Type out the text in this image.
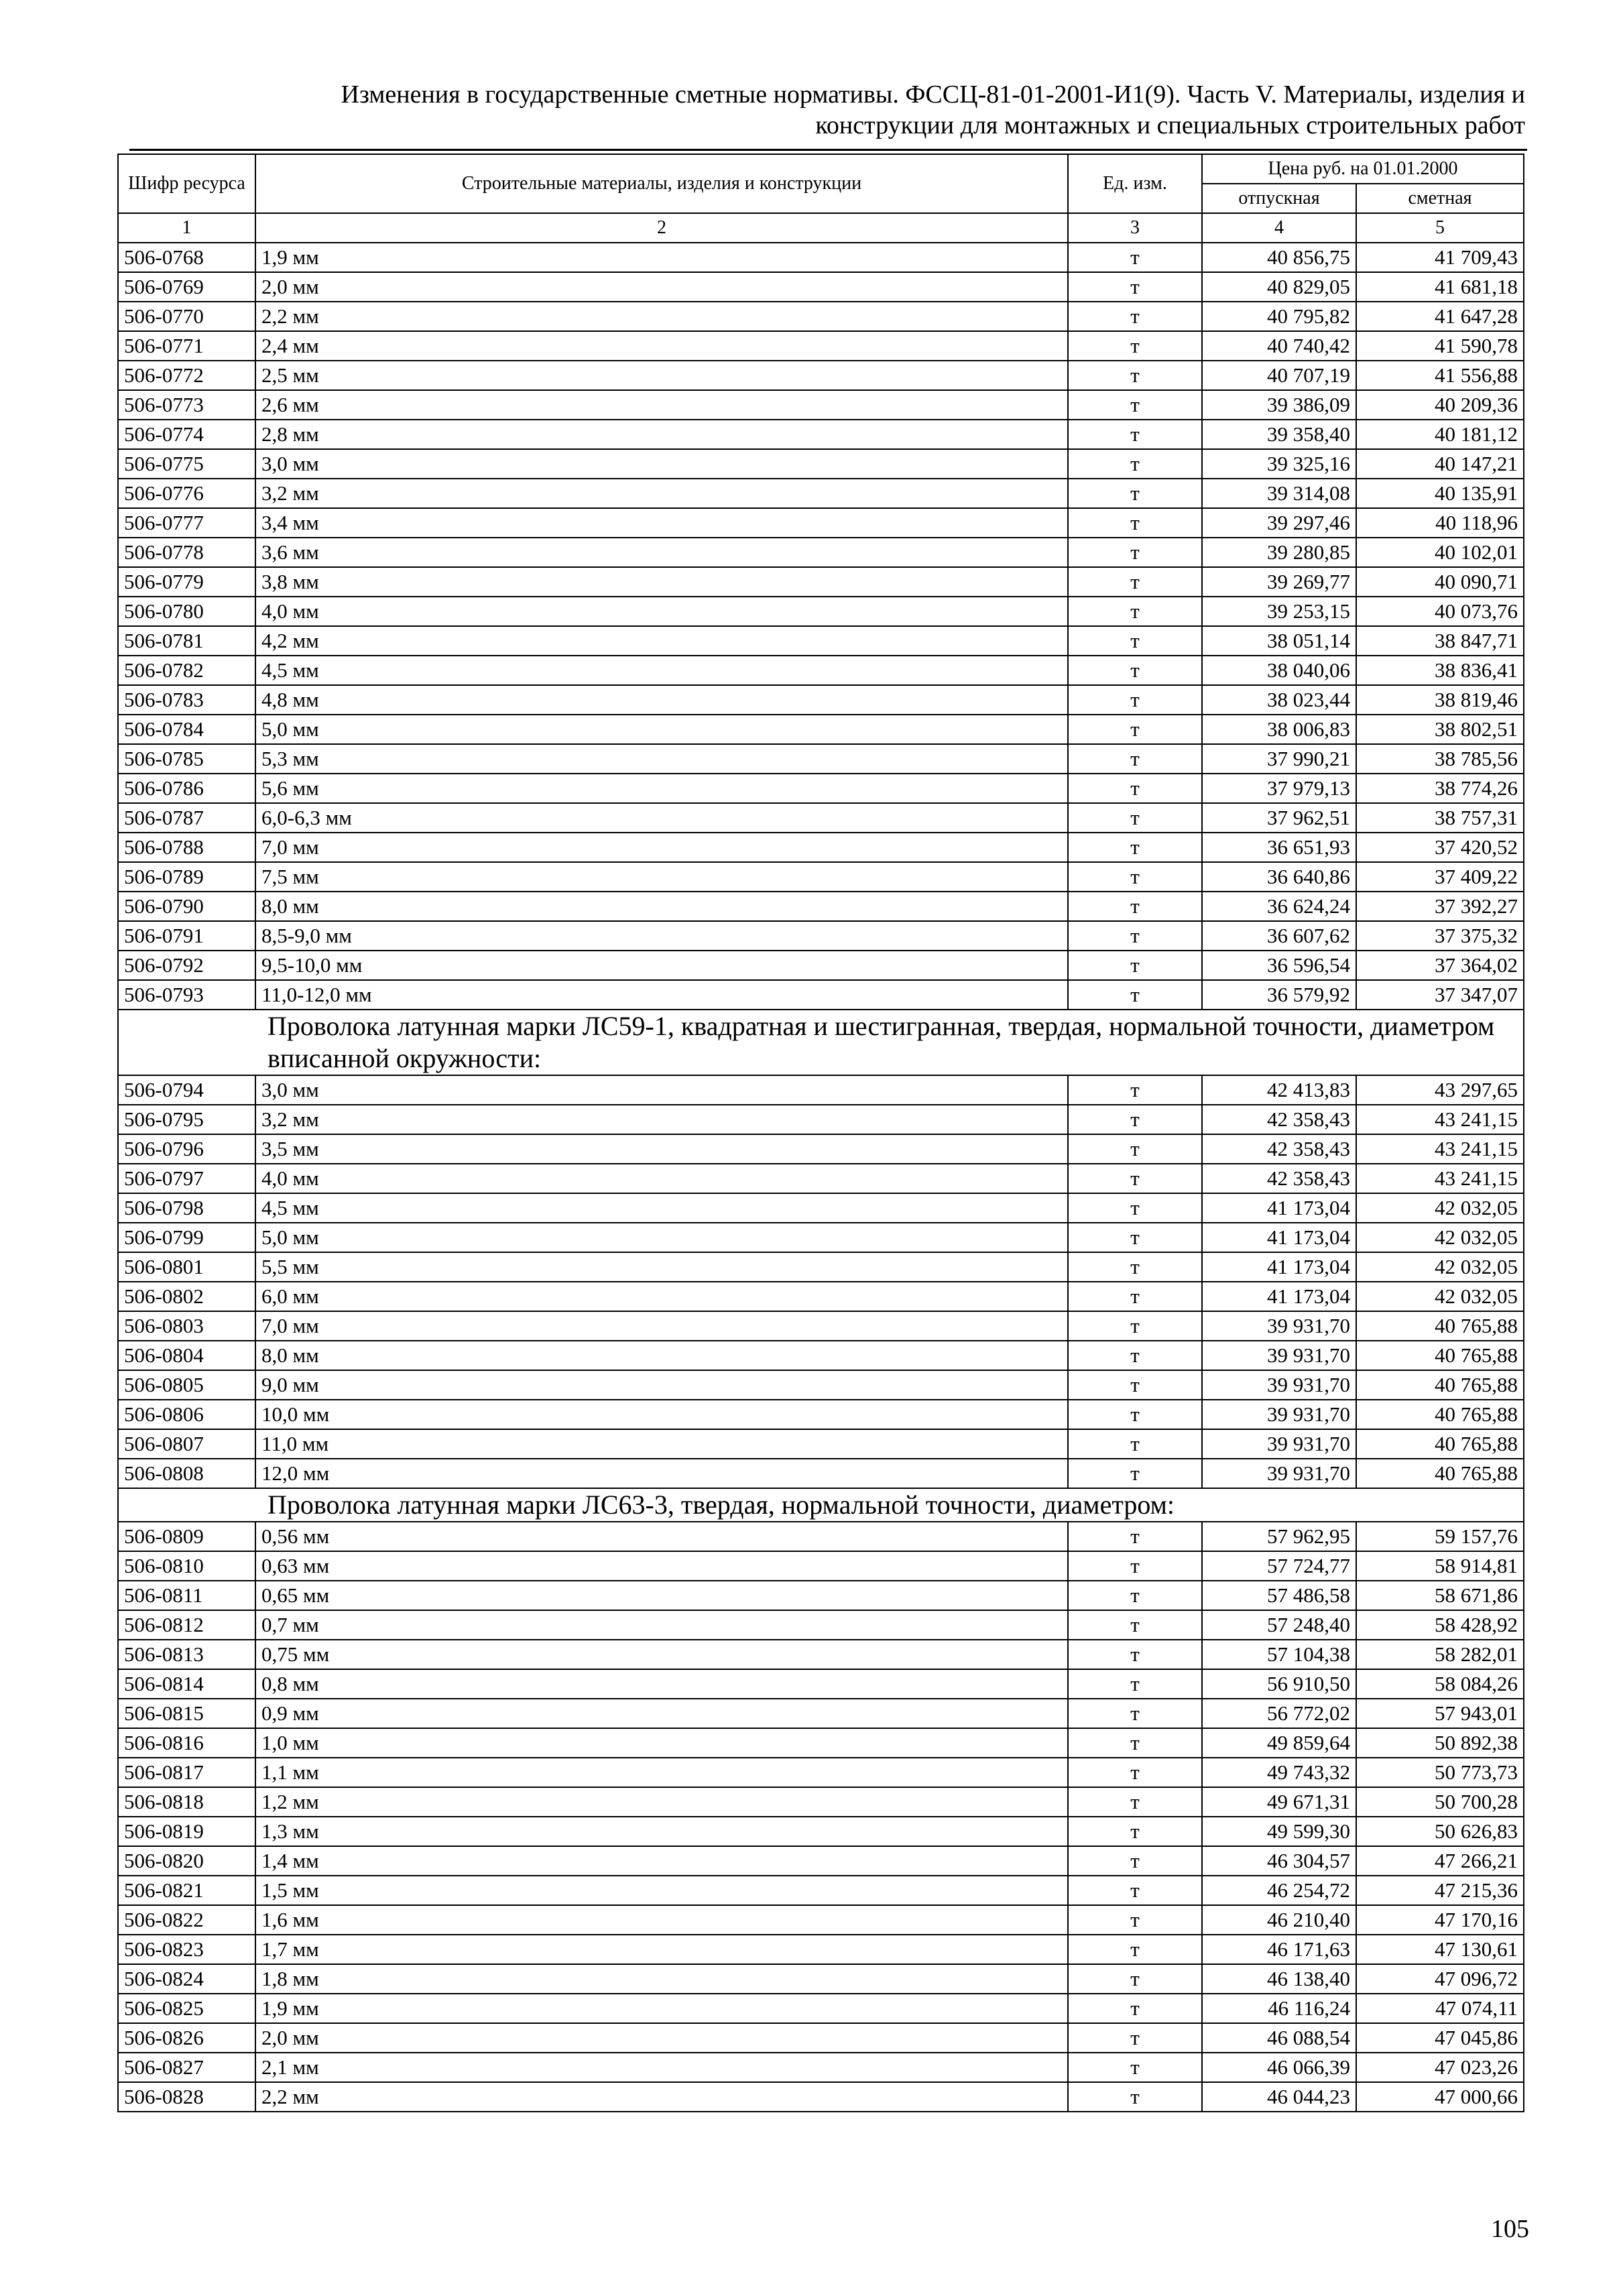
Изменения в государственные сметные нормативы. ФССЦ-81-01-2001-И1(9). Часть V. Материалы, изделия и
конструкции для монтажных и специальных строительных работ
Шифр ресурса	Строительные материалы, изделия и конструкции	Ед. изм.	Цена руб. на 01.01.2000	
			отпускная	сметная
1	2	3	4	5
506-0768	1,9 мм	т	40 856,75	41 709,43
506-0769	2,0 мм	т	40 829,05	41 681,18
506-0770	2,2 мм	т	40 795,82	41 647,28
506-0771	2,4 мм	т	40 740,42	41 590,78
506-0772	2,5 мм	т	40 707,19	41 556,88
506-0773	2,6 мм	т	39 386,09	40 209,36
506-0774	2,8 мм	т	39 358,40	40 181,12
506-0775	3,0 мм	т	39 325,16	40 147,21
506-0776	3,2 мм	т	39 314,08	40 135,91
506-0777	3,4 мм	т	39 297,46	40 118,96
506-0778	3,6 мм	т	39 280,85	40 102,01
506-0779	3,8 мм	т	39 269,77	40 090,71
506-0780	4,0 мм	т	39 253,15	40 073,76
506-0781	4,2 мм	т	38 051,14	38 847,71
506-0782	4,5 мм	т	38 040,06	38 836,41
506-0783	4,8 мм	т	38 023,44	38 819,46
506-0784	5,0 мм	т	38 006,83	38 802,51
506-0785	5,3 мм	т	37 990,21	38 785,56
506-0786	5,6 мм	т	37 979,13	38 774,26
506-0787	6,0-6,3 мм	т	37 962,51	38 757,31
506-0788	7,0 мм	т	36 651,93	37 420,52
506-0789	7,5 мм	т	36 640,86	37 409,22
506-0790	8,0 мм	т	36 624,24	37 392,27
506-0791	8,5-9,0 мм	т	36 607,62	37 375,32
506-0792	9,5-10,0 мм	т	36 596,54	37 364,02
506-0793	11,0-12,0 мм	т	36 579,92	37 347,07
Проволока латунная марки ЛС59-1, квадратная и шестигранная, твердая, нормальной точности, диаметром вписанной окружности:				
506-0794	3,0 мм	т	42 413,83	43 297,65
506-0795	3,2 мм	т	42 358,43	43 241,15
506-0796	3,5 мм	т	42 358,43	43 241,15
506-0797	4,0 мм	т	42 358,43	43 241,15
506-0798	4,5 мм	т	41 173,04	42 032,05
506-0799	5,0 мм	т	41 173,04	42 032,05
506-0801	5,5 мм	т	41 173,04	42 032,05
506-0802	6,0 мм	т	41 173,04	42 032,05
506-0803	7,0 мм	т	39 931,70	40 765,88
506-0804	8,0 мм	т	39 931,70	40 765,88
506-0805	9,0 мм	т	39 931,70	40 765,88
506-0806	10,0 мм	т	39 931,70	40 765,88
506-0807	11,0 мм	т	39 931,70	40 765,88
506-0808	12,0 мм	т	39 931,70	40 765,88
Проволока латунная марки ЛС63-3, твердая, нормальной точности, диаметром:				
506-0809	0,56 мм	т	57 962,95	59 157,76
506-0810	0,63 мм	т	57 724,77	58 914,81
506-0811	0,65 мм	т	57 486,58	58 671,86
506-0812	0,7 мм	т	57 248,40	58 428,92
506-0813	0,75 мм	т	57 104,38	58 282,01
506-0814	0,8 мм	т	56 910,50	58 084,26
506-0815	0,9 мм	т	56 772,02	57 943,01
506-0816	1,0 мм	т	49 859,64	50 892,38
506-0817	1,1 мм	т	49 743,32	50 773,73
506-0818	1,2 мм	т	49 671,31	50 700,28
506-0819	1,3 мм	т	49 599,30	50 626,83
506-0820	1,4 мм	т	46 304,57	47 266,21
506-0821	1,5 мм	т	46 254,72	47 215,36
506-0822	1,6 мм	т	46 210,40	47 170,16
506-0823	1,7 мм	т	46 171,63	47 130,61
506-0824	1,8 мм	т	46 138,40	47 096,72
506-0825	1,9 мм	т	46 116,24	47 074,11
506-0826	2,0 мм	т	46 088,54	47 045,86
506-0827	2,1 мм	т	46 066,39	47 023,26
506-0828	2,2 мм	т	46 044,23	47 000,66
105
